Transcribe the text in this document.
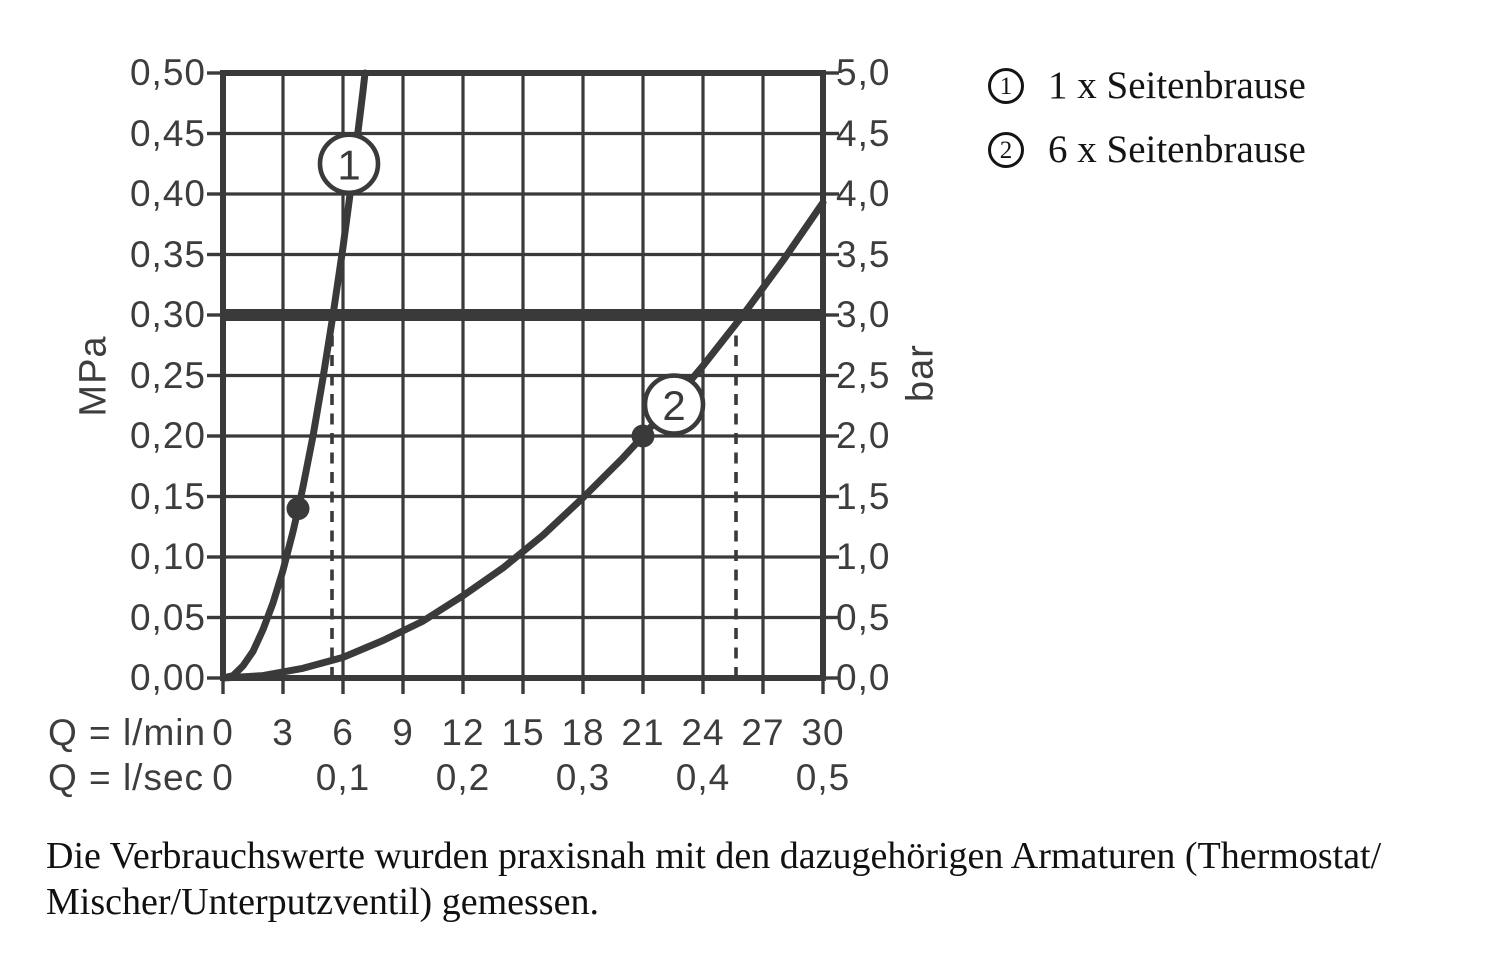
1
2
MPa	bar
Q = l/min
Q = l/sec
1 1 x Seitenbrause
2 6 x Seitenbrause
Die Verbrauchswerte wurden praxisnah mit den dazugehörigen Armaturen (Thermostat/
Mischer/Unterputzventil) gemessen.
0,00
0,05
0,10
0,15
0,20
0,25
0,30
0,35
0,40
0,45
0,50
0,0
0,5
1,0
1,5
2,0
2,5
3,0
3,5
4,0
4,5
5,0
0 3 6 9 12 15 18 21 24 27 30
0 0,1 0,2 0,3 0,4 0,5
